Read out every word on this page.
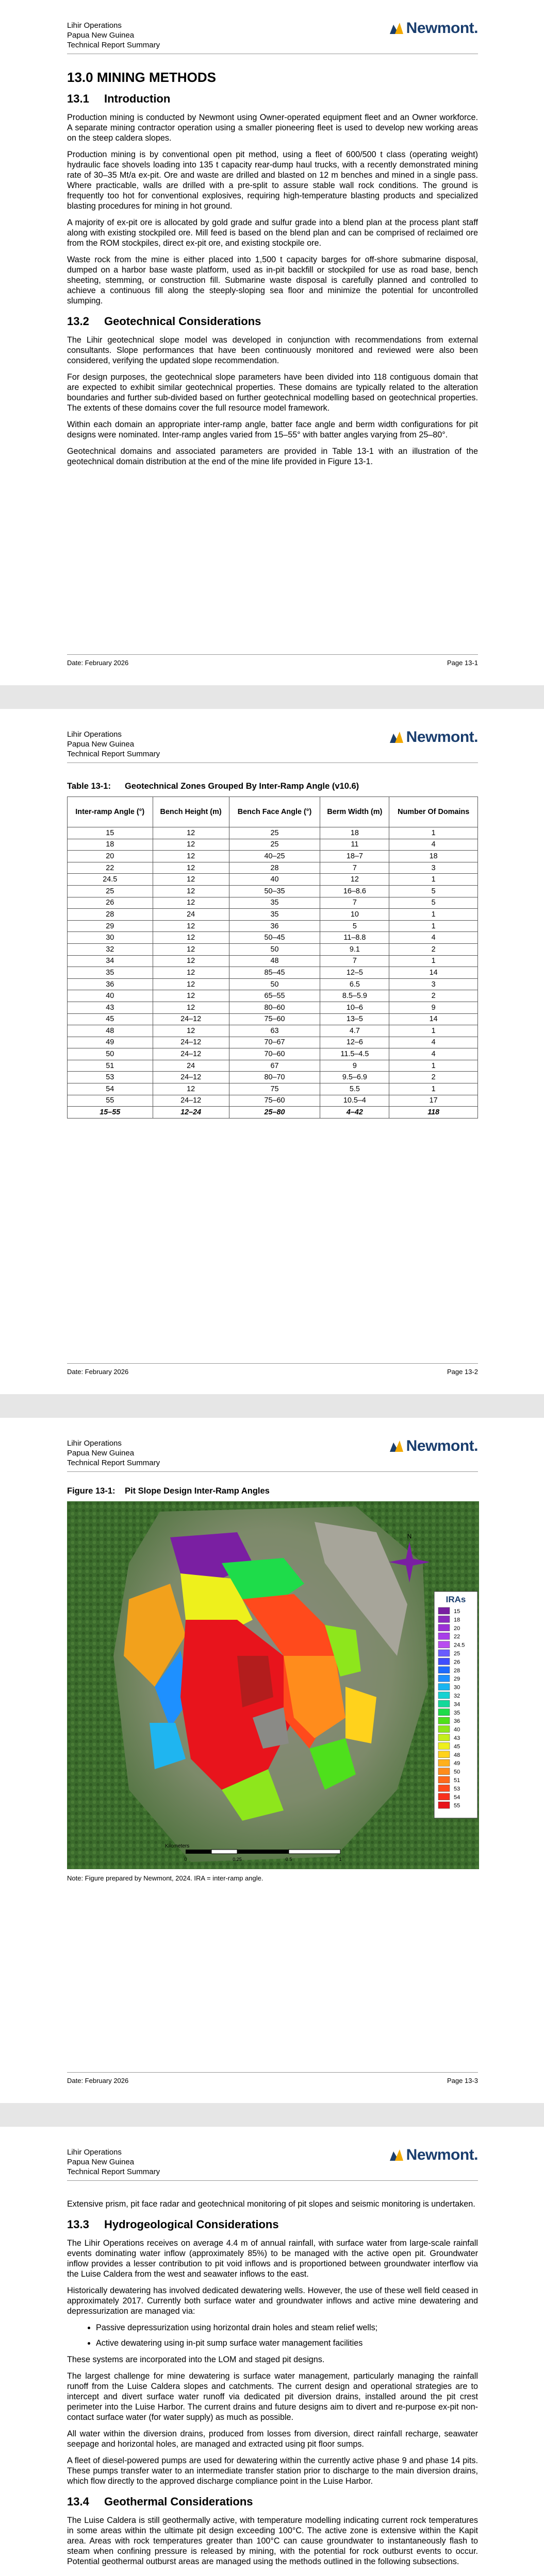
Lihir Operations
Papua New Guinea
Technical Report Summary
Newmont.
13.0 MINING METHODS
13.1	Introduction

Production mining is conducted by Newmont using Owner-operated equipment fleet and an Owner workforce. A separate mining contractor operation using a smaller pioneering fleet is used to develop new working areas on the steep caldera slopes.

Production mining is by conventional open pit method, using a fleet of 600/500 t class (operating weight) hydraulic face shovels loading into 135 t capacity rear-dump haul trucks, with a recently demonstrated mining rate of 30–35 Mt/a ex-pit. Ore and waste are drilled and blasted on 12 m benches and mined in a single pass. Where practicable, walls are drilled with a pre-split to assure stable wall rock conditions. The ground is frequently too hot for conventional explosives, requiring high-temperature blasting products and specialized blasting procedures for mining in hot ground.

A majority of ex-pit ore is allocated by gold grade and sulfur grade into a blend plan at the process plant staff along with existing stockpiled ore. Mill feed is based on the blend plan and can be comprised of reclaimed ore from the ROM stockpiles, direct ex-pit ore, and existing stockpile ore.

Waste rock from the mine is either placed into 1,500 t capacity barges for off-shore submarine disposal, dumped on a harbor base waste platform, used as in-pit backfill or stockpiled for use as road base, bench sheeting, stemming, or construction fill. Submarine waste disposal is carefully planned and controlled to achieve a continuous fill along the steeply-sloping sea floor and minimize the potential for uncontrolled slumping.

13.2	Geotechnical Considerations

The Lihir geotechnical slope model was developed in conjunction with recommendations from external consultants. Slope performances that have been continuously monitored and reviewed were also been considered, verifying the updated slope recommendation.

For design purposes, the geotechnical slope parameters have been divided into 118 contiguous domain that are expected to exhibit similar geotechnical properties. These domains are typically related to the alteration boundaries and further sub-divided based on further geotechnical modelling based on geotechnical properties. The extents of these domains cover the full resource model framework.

Within each domain an appropriate inter-ramp angle, batter face angle and berm width configurations for pit designs were nominated. Inter-ramp angles varied from 15–55° with batter angles varying from 25–80°.

Geotechnical domains and associated parameters are provided in Table 13-1 with an illustration of the geotechnical domain distribution at the end of the mine life provided in Figure 13-1.

Date: February 2026	Page 13-1
Lihir Operations
Papua New Guinea
Technical Report Summary
Newmont.
Table 13-1:	Geotechnical Zones Grouped By Inter-Ramp Angle (v10.6)
Inter-ramp Angle (°)	Bench Height (m)	Bench Face Angle (°)	Berm Width (m)	Number Of Domains
15	12	25	18	1
18	12	25	11	4
20	12	40–25	18–7	18
22	12	28	7	3
24.5	12	40	12	1
25	12	50–35	16–8.6	5
26	12	35	7	5
28	24	35	10	1
29	12	36	5	1
30	12	50–45	11–8.8	4
32	12	50	9.1	2
34	12	48	7	1
35	12	85–45	12–5	14
36	12	50	6.5	3
40	12	65–55	8.5–5.9	2
43	12	80–60	10–6	9
45	24–12	75–60	13–5	14
48	12	63	4.7	1
49	24–12	70–67	12–6	4
50	24–12	70–60	11.5–4.5	4
51	24	67	9	1
53	24–12	80–70	9.5–6.9	2
54	12	75	5.5	1
55	24–12	75–60	10.5–4	17
15–55	12–24	25–80	4–42	118
Date: February 2026	Page 13-2
Lihir Operations
Papua New Guinea
Technical Report Summary
Newmont.
Figure 13-1:	Pit Slope Design Inter-Ramp Angles
N
IRAs
15
18
20
22
24.5
25
26
28
29
30
32
34
35
36
40
43
45
48
49
50
51
53
54
55
Kilometers
0	0.25	0.5	1
Note: Figure prepared by Newmont, 2024. IRA = inter-ramp angle.
Date: February 2026	Page 13-3
Lihir Operations
Papua New Guinea
Technical Report Summary
Newmont.

Extensive prism, pit face radar and geotechnical monitoring of pit slopes and seismic monitoring is undertaken.

13.3	Hydrogeological Considerations

The Lihir Operations receives on average 4.4 m of annual rainfall, with surface water from large-scale rainfall events dominating water inflow (approximately 85%) to be managed with the active open pit. Groundwater inflow provides a lesser contribution to pit void inflows and is proportioned between groundwater interflow via the Luise Caldera from the west and seawater inflows to the east.

Historically dewatering has involved dedicated dewatering wells. However, the use of these well field ceased in approximately 2017. Currently both surface water and groundwater inflows and active mine dewatering and depressurization are managed via:

• Passive depressurization using horizontal drain holes and steam relief wells;
• Active dewatering using in-pit sump surface water management facilities

These systems are incorporated into the LOM and staged pit designs.

The largest challenge for mine dewatering is surface water management, particularly managing the rainfall runoff from the Luise Caldera slopes and catchments. The current design and operational strategies are to intercept and divert surface water runoff via dedicated pit diversion drains, installed around the pit crest perimeter into the Luise Harbor. The current drains and future designs aim to divert and re-purpose ex-pit non-contact surface water (for water supply) as much as possible.

All water within the diversion drains, produced from losses from diversion, direct rainfall recharge, seawater seepage and horizontal holes, are managed and extracted using pit floor sumps.

A fleet of diesel-powered pumps are used for dewatering within the currently active phase 9 and phase 14 pits. These pumps transfer water to an intermediate transfer station prior to discharge to the main diversion drains, which flow directly to the approved discharge compliance point in the Luise Harbor.

13.4	Geothermal Considerations

The Luise Caldera is still geothermally active, with temperature modelling indicating current rock temperatures in some areas within the ultimate pit design exceeding 100°C. The active zone is extensive within the Kapit area. Areas with rock temperatures greater than 100°C can cause groundwater to instantaneously flash to steam when confining pressure is released by mining, with the potential for rock outburst events to occur. Potential geothermal outburst areas are managed using the methods outlined in the following subsections.
